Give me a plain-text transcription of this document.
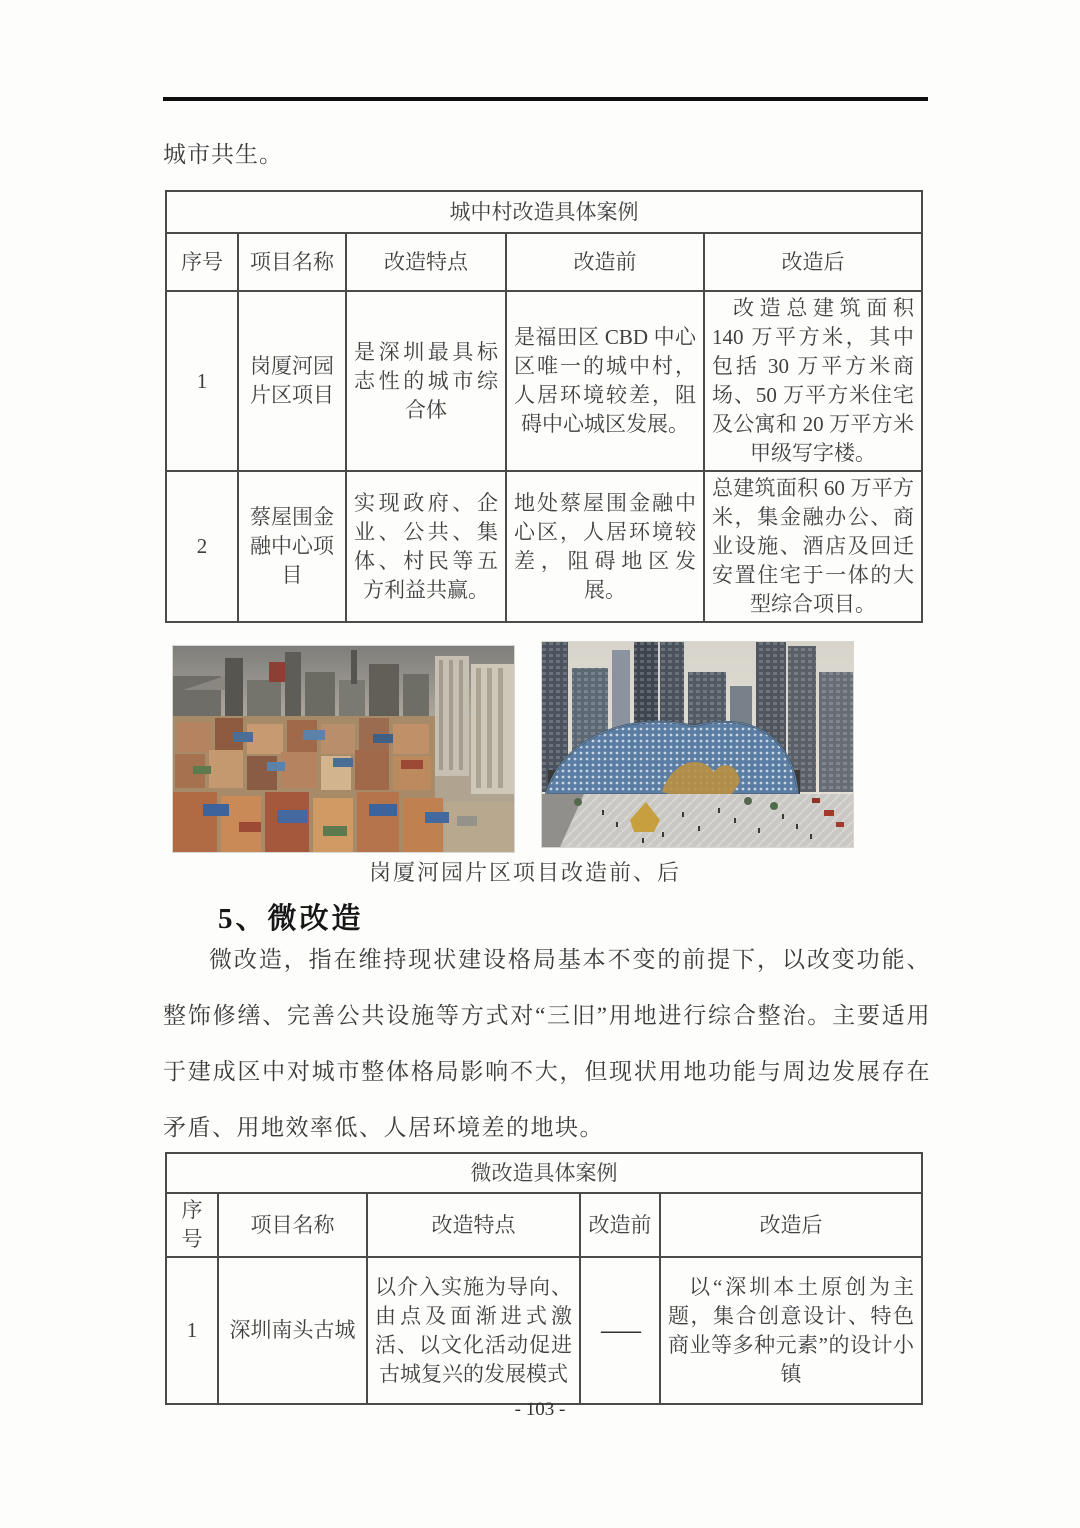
城市共生。
城中村改造具体案例				
序号	项目名称	改造特点	改造前	改造后
1	岗厦河园片区项目	是深圳最具标志性的城市综合体	是福田区 CBD 中心区唯一的城中村，人居环境较差，阻碍中心城区发展。	改造总建筑面积 140 万平方米，其中包括 30 万平方米商场、50 万平方米住宅及公寓和 20 万平方米甲级写字楼。
2	蔡屋围金融中心项目	实现政府、企业、公共、集体、村民等五方利益共赢。	地处蔡屋围金融中心区，人居环境较差，阻碍地区发展。	总建筑面积 60 万平方米，集金融办公、商业设施、酒店及回迁安置住宅于一体的大型综合项目。
岗厦河园片区项目改造前、后
5、微改造
微改造，指在维持现状建设格局基本不变的前提下，以改变功能、整饰修缮、完善公共设施等方式对“三旧”用地进行综合整治。主要适用于建成区中对城市整体格局影响不大，但现状用地功能与周边发展存在矛盾、用地效率低、人居环境差的地块。
微改造具体案例				
序号	项目名称	改造特点	改造前	改造后
1	深圳南头古城	以介入实施为导向、由点及面渐进式激活、以文化活动促进古城复兴的发展模式	——	以“深圳本土原创为主题，集合创意设计、特色商业等多种元素”的设计小镇
- 103 -
